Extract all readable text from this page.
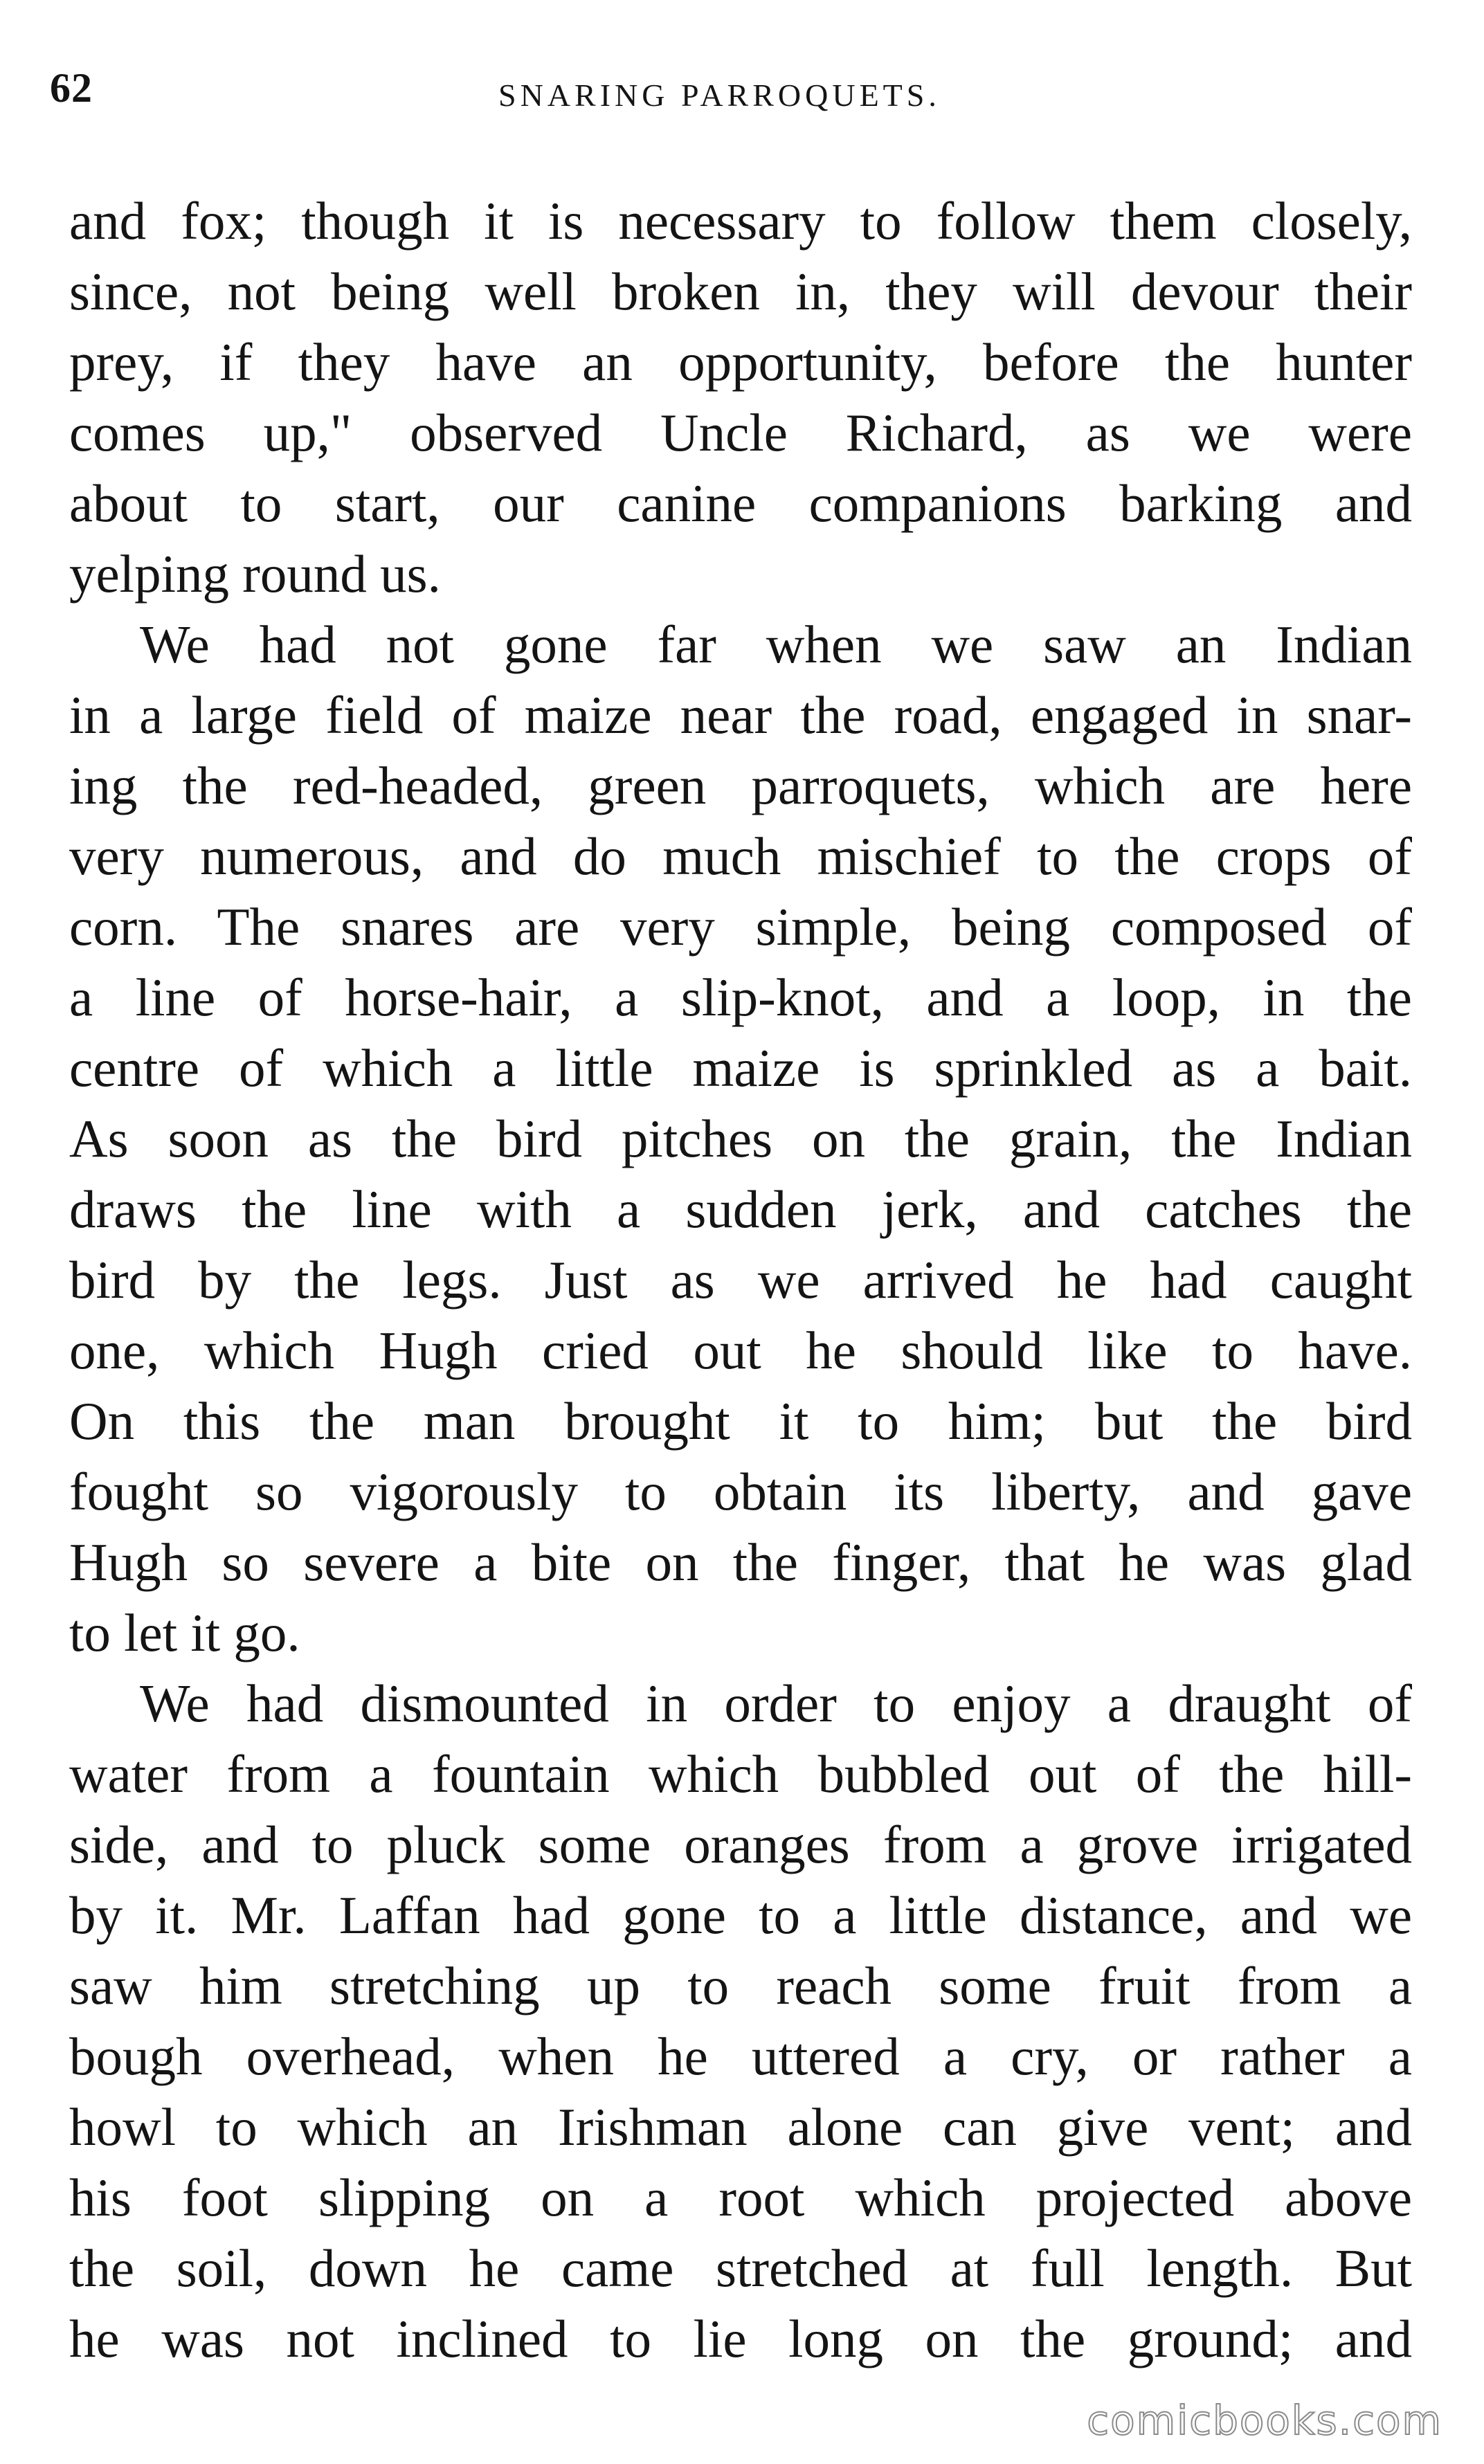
62	SNARING PARROQUETS.
and fox; though it is necessary to follow them closely,
since, not being well broken in, they will devour their
prey, if they have an opportunity, before the hunter
comes up," observed Uncle Richard, as we were
about to start, our canine companions barking and
yelping round us.
We had not gone far when we saw an Indian
in a large field of maize near the road, engaged in snar-
ing the red-headed, green parroquets, which are here
very numerous, and do much mischief to the crops of
corn. The snares are very simple, being composed of
a line of horse-hair, a slip-knot, and a loop, in the
centre of which a little maize is sprinkled as a bait.
As soon as the bird pitches on the grain, the Indian
draws the line with a sudden jerk, and catches the
bird by the legs. Just as we arrived he had caught
one, which Hugh cried out he should like to have.
On this the man brought it to him; but the bird
fought so vigorously to obtain its liberty, and gave
Hugh so severe a bite on the finger, that he was glad
to let it go.
We had dismounted in order to enjoy a draught of
water from a fountain which bubbled out of the hill-
side, and to pluck some oranges from a grove irrigated
by it. Mr. Laffan had gone to a little distance, and we
saw him stretching up to reach some fruit from a
bough overhead, when he uttered a cry, or rather a
howl to which an Irishman alone can give vent; and
his foot slipping on a root which projected above
the soil, down he came stretched at full length. But
he was not inclined to lie long on the ground; and
comicbooks.com
